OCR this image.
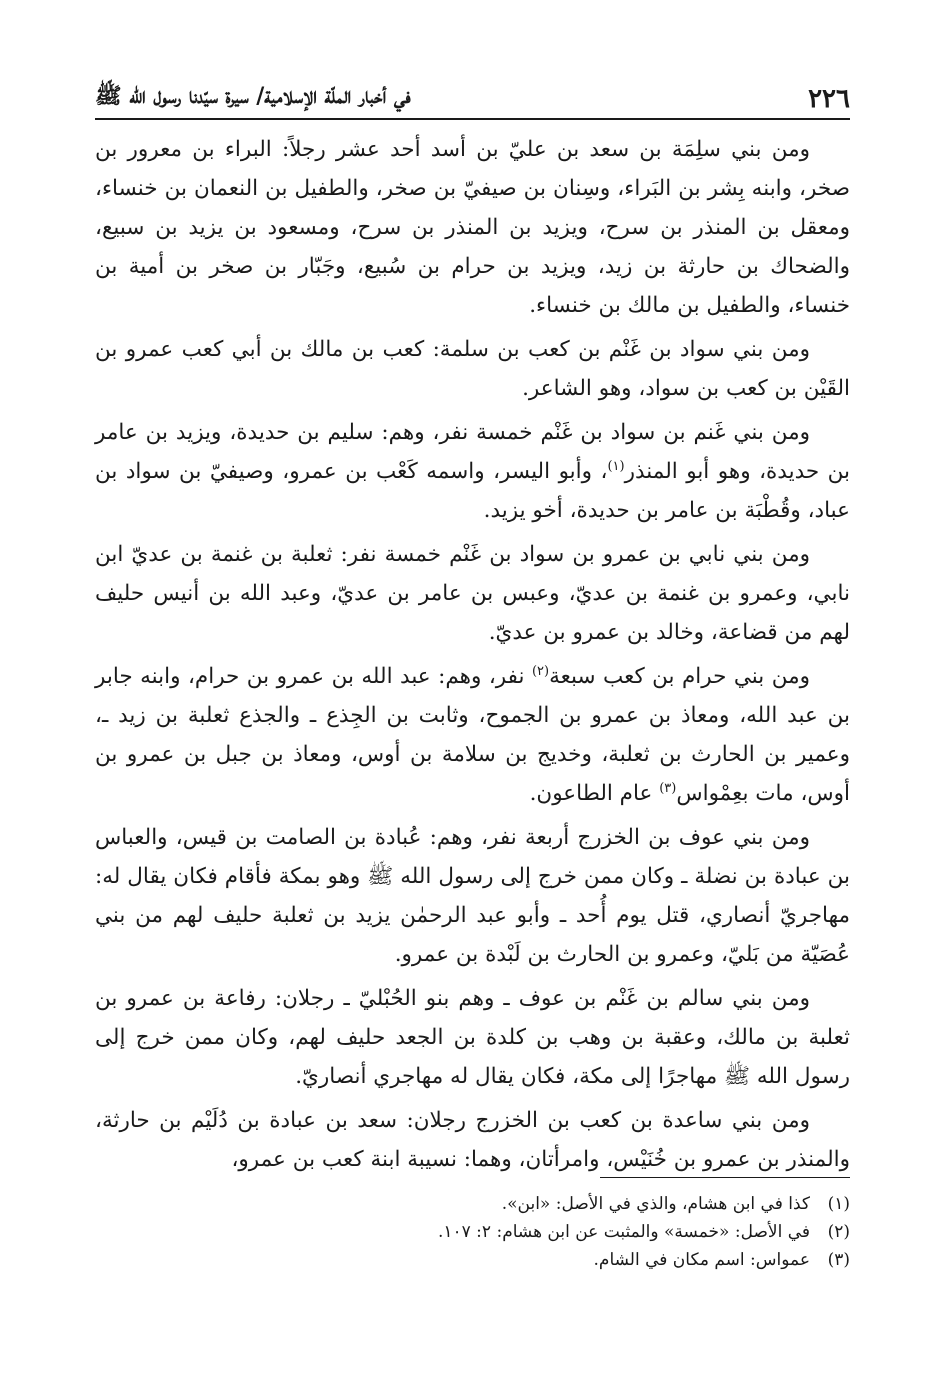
٢٢٦
في أخبار الملّة الإسلامية/ سيرة سيّدنا رسول الله ﷺ

ومن بني سلِمَة بن سعد بن عليّ بن أسد أحد عشر رجلاً: البراء بن معرور بن صخر، وابنه بِشر بن البَراء، وسِنان بن صيفيّ بن صخر، والطفيل بن النعمان بن خنساء، ومعقل بن المنذر بن سرح، ويزيد بن المنذر بن سرح، ومسعود بن يزيد بن سبيع، والضحاك بن حارثة بن زيد، ويزيد بن حرام بن سُبيع، وجَبّار بن صخر بن أمية بن خنساء، والطفيل بن مالك بن خنساء.

ومن بني سواد بن غَنْم بن كعب بن سلمة: كعب بن مالك بن أبي كعب عمرو بن القَيْن بن كعب بن سواد، وهو الشاعر.

ومن بني غَنم بن سواد بن غَنْم خمسة نفر، وهم: سليم بن حديدة، ويزيد بن عامر بن حديدة، وهو أبو المنذر$^{(١)}$، وأبو اليسر، واسمه كَعْب بن عمرو، وصيفيّ بن سواد بن عباد، وقُطْبَة بن عامر بن حديدة، أخو يزيد.

ومن بني نابي بن عمرو بن سواد بن غَنْم خمسة نفر: ثعلبة بن غنمة بن عديّ ابن نابي، وعمرو بن غنمة بن عديّ، وعبس بن عامر بن عديّ، وعبد الله بن أنيس حليف لهم من قضاعة، وخالد بن عمرو بن عديّ.

ومن بني حرام بن كعب سبعة$^{(٢)}$ نفر، وهم: عبد الله بن عمرو بن حرام، وابنه جابر بن عبد الله، ومعاذ بن عمرو بن الجموح، وثابت بن الجِذع ـ والجذع ثعلبة بن زيد ـ، وعمير بن الحارث بن ثعلبة، وخديج بن سلامة بن أوس، ومعاذ بن جبل بن عمرو بن أوس، مات بعِمْواس$^{(٣)}$ عام الطاعون.

ومن بني عوف بن الخزرج أربعة نفر، وهم: عُبادة بن الصامت بن قيس، والعباس بن عبادة بن نضلة ـ وكان ممن خرج إلى رسول الله ﷺ وهو بمكة فأقام فكان يقال له: مهاجريّ أنصاري، قتل يوم أُحد ـ وأبو عبد الرحمٰن يزيد بن ثعلبة حليف لهم من بني عُصَيّة من بَليّ، وعمرو بن الحارث بن لَبْدة بن عمرو.

ومن بني سالم بن غَنْم بن عوف ـ وهم بنو الحُبْليّ ـ رجلان: رفاعة بن عمرو بن ثعلبة بن مالك، وعقبة بن وهب بن كلدة بن الجعد حليف لهم، وكان ممن خرج إلى رسول الله ﷺ مهاجرًا إلى مكة، فكان يقال له مهاجري أنصاريّ.

ومن بني ساعدة بن كعب بن الخزرج رجلان: سعد بن عبادة بن دُلَيْم بن حارثة، والمنذر بن عمرو بن خُنَيْس، وامرأتان، وهما: نسيبة ابنة كعب بن عمرو،

(١)
كذا في ابن هشام، والذي في الأصل: «ابن».
(٢)
في الأصل: «خمسة» والمثبت عن ابن هشام: ٢: ١٠٧.
(٣)
عمواس: اسم مكان في الشام.
